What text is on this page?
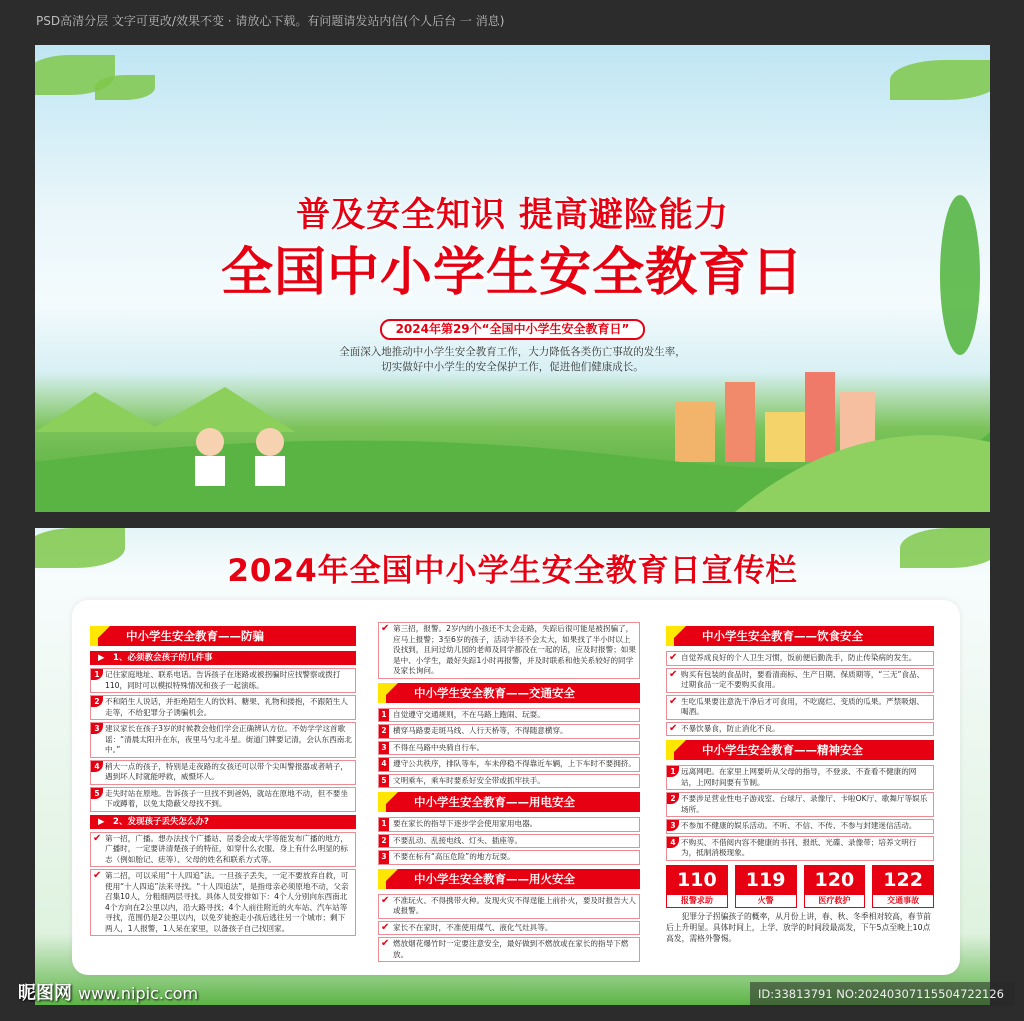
PSD高清分层 文字可更改/效果不变 · 请放心下载。有问题请发站内信(个人后台 一 消息)
普及安全知识 提高避险能力
全国中小学生安全教育日
2024年第29个“全国中小学生安全教育日”
全面深入地推动中小学生安全教育工作，大力降低各类伤亡事故的发生率，
切实做好中小学生的安全保护工作，促进他们健康成长。
2024年全国中小学生安全教育日宣传栏
中小学生安全教育——防骗
▶　1、必须教会孩子的几件事
1 记住家庭地址、联系电话。告诉孩子在迷路或被拐骗时应找警察或拨打110，同时可以模拟特殊情况和孩子一起演练。
2 不和陌生人说话，并拒绝陌生人的饮料、糖果、礼物和搂抱，不跟陌生人走等，不给犯罪分子诱骗机会。
3 建议家长在孩子3岁的时候教会他们学会正确辨认方位。不妨学学这首歌谣：“清晨太阳升在东，夜里马勺北斗星。街道门牌要记清，会认东西南北中。”
4 稍大一点的孩子，特别是走夜路的女孩还可以带个尖叫警报器或者哨子，遇到坏人时就能呼救，威慑坏人。
5 走失时站在原地。告诉孩子一旦找不到爸妈，就站在原地不动，但不要坐下或蹲着，以免太隐蔽父母找不到。
▶　2、发现孩子丢失怎么办?
✔ 第一招，广播。想办法找个广播站、居委会或大学等能发布广播的地方，广播时，一定要讲清楚孩子的特征，如穿什么衣服、身上有什么明显的标志（例如胎记、痣等）、父母的姓名和联系方式等。
✔ 第二招，可以采用“十人四追”法。一旦孩子丢失，一定不要放弃自救，可使用“十人四追”法来寻找。“十人四追法”，是指母亲必须原地不动，父亲召集10人，分粗细两层寻找。具体人员安排如下：4个人分别向东西南北4个方向在2公里以内，沿大路寻找；4个人前往附近的火车站、汽车站等寻找，范围仍是2公里以内，以免歹徒抱走小孩后逃往另一个城市；剩下两人，1人报警，1人呆在家里，以备孩子自己找回家。
✔ 第三招，报警。2岁内的小孩还不太会走路，失踪后很可能是被拐骗了，应马上报警；3至6岁的孩子，活动半径不会太大，如果找了半小时以上没找到，且问过幼儿园的老师及同学都没在一起的话，应及时报警；如果是中、小学生，最好失踪1小时再报警，并及时联系和他关系较好的同学及家长询问。
中小学生安全教育——交通安全
1 自觉遵守交通规则，不在马路上跑闹、玩耍。
2 横穿马路要走斑马线、人行天桥等，不得随意横穿。
3 不得在马路中央骑自行车。
4 遵守公共秩序，排队等车，车未停稳不得靠近车辆，上下车时不要拥挤。
5 文明乘车，乘车时要系好安全带或抓牢扶手。
中小学生安全教育——用电安全
1 要在家长的指导下逐步学会使用家用电器。
2 不要乱动、乱接电线、灯头、插座等。
3 不要在标有“高压危险”的地方玩耍。
中小学生安全教育——用火安全
✔ 不准玩火、不得携带火种。发现火灾不得逞能上前扑火，要及时报告大人或报警。
✔ 家长不在家时，不准使用煤气、液化气灶具等。
✔ 燃放烟花爆竹时一定要注意安全，最好做到不燃放或在家长的指导下燃放。
中小学生安全教育——饮食安全
✔ 自觉养成良好的个人卫生习惯，饭前便后勤洗手，防止传染病的发生。
✔ 购买有包装的食品时，要看清商标、生产日期、保质期等，“三无”食品、过期食品一定不要购买食用。
✔ 生吃瓜果要注意洗干净后才可食用，不吃腐烂、变质的瓜果。严禁吸烟、喝酒。
✔ 不暴饮暴食，防止消化不良。
中小学生安全教育——精神安全
1 远离网吧。在家里上网要听从父母的指导，不登录、不查看不健康的网站，上网时间要有节制。
2 不要涉足营业性电子游戏室、台球厅、录像厅、卡啦OK厅、歌舞厅等娱乐场所。
3 不参加不健康的娱乐活动。不听、不信、不传、不参与封建迷信活动。
4 不购买、不借阅内容不健康的书刊、报纸、光碟、录像带；培养文明行为，抵制消极现象。
110
报警求助
119
火警
120
医疗救护
122
交通事故
犯罪分子拐骗孩子的概率，从月份上讲，春、秋、冬季相对较高，春节前后上升明显。具体时间上，上学、放学的时间段最高发，下午5点至晚上10点高发，需格外警惕。
昵图网 www.nipic.com	ID:33813791 NO:20240307115504722126
